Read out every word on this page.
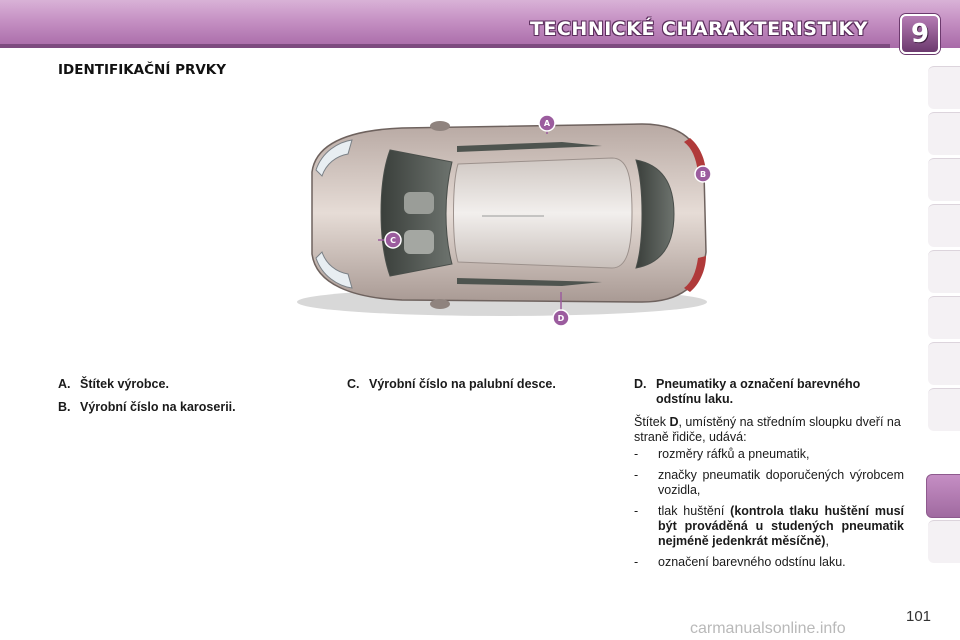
TECHNICKÉ CHARAKTERISTIKY	9
IDENTIFIKAČNÍ PRVKY
A
B
C
D
A. Štítek výrobce.
B. Výrobní číslo na karoserii.
C. Výrobní číslo na palubní desce.	D. Pneumatiky a označení barevného odstínu laku.

Štítek D, umístěný na středním sloupku dveří na straně řidiče, udává:

-	rozměry ráfků a pneumatik,
-	značky pneumatik doporučených výrobcem vozidla,
-	tlak huštění (kontrola tlaku huštění musí být prováděná u studených pneumatik nejméně jedenkrát měsíčně),
-	označení barevného odstínu laku.
carmanualsonline.info
101
